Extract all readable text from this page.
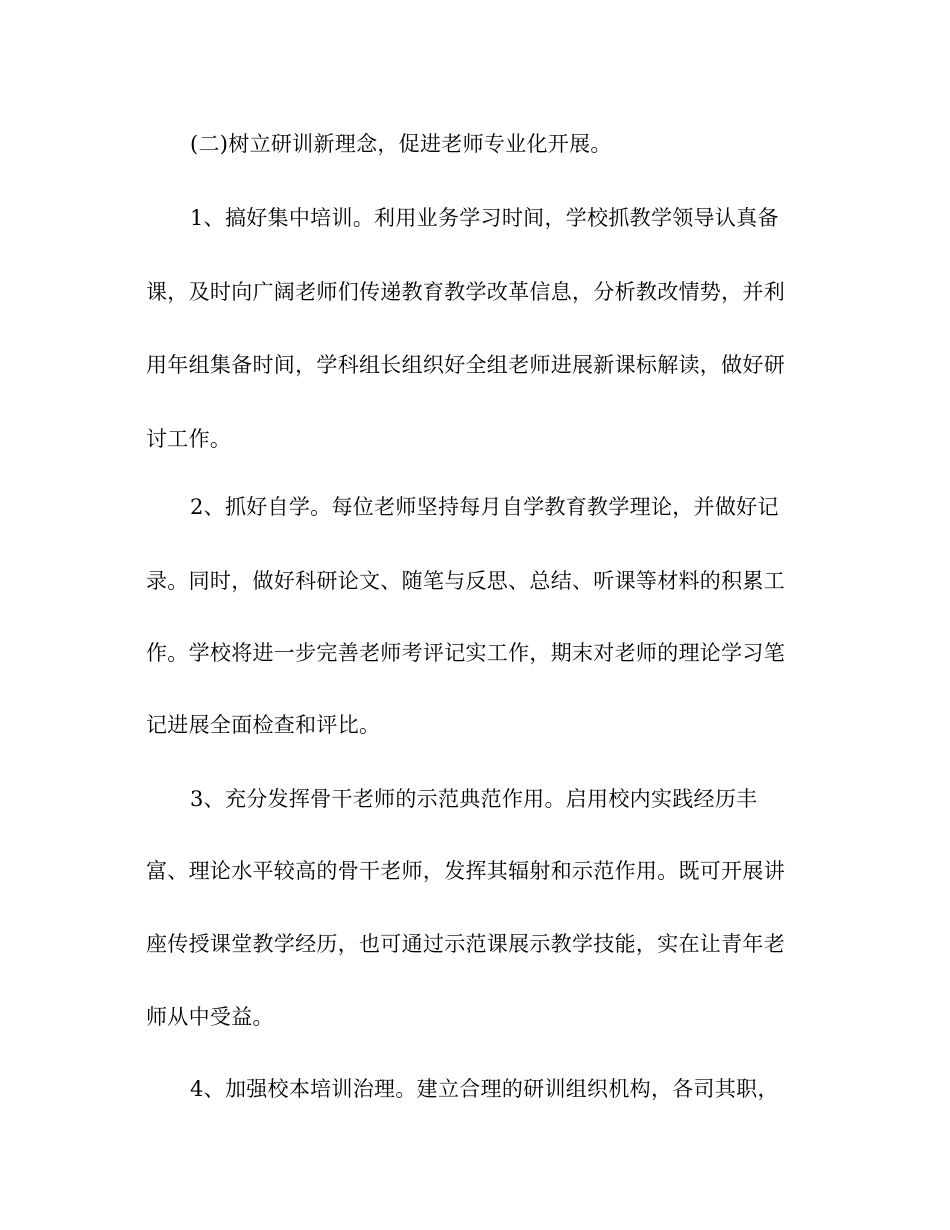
(二)树立研训新理念，促进老师专业化开展。
1、搞好集中培训。利用业务学习时间，学校抓教学领导认真备
课，及时向广阔老师们传递教育教学改革信息，分析教改情势，并利
用年组集备时间，学科组长组织好全组老师进展新课标解读，做好研
讨工作。
2、抓好自学。每位老师坚持每月自学教育教学理论，并做好记
录。同时，做好科研论文、随笔与反思、总结、听课等材料的积累工
作。学校将进一步完善老师考评记实工作，期末对老师的理论学习笔
记进展全面检查和评比。
3、充分发挥骨干老师的示范典范作用。启用校内实践经历丰
富、理论水平较高的骨干老师，发挥其辐射和示范作用。既可开展讲
座传授课堂教学经历，也可通过示范课展示教学技能，实在让青年老
师从中受益。
4、加强校本培训治理。建立合理的研训组织机构，各司其职，
